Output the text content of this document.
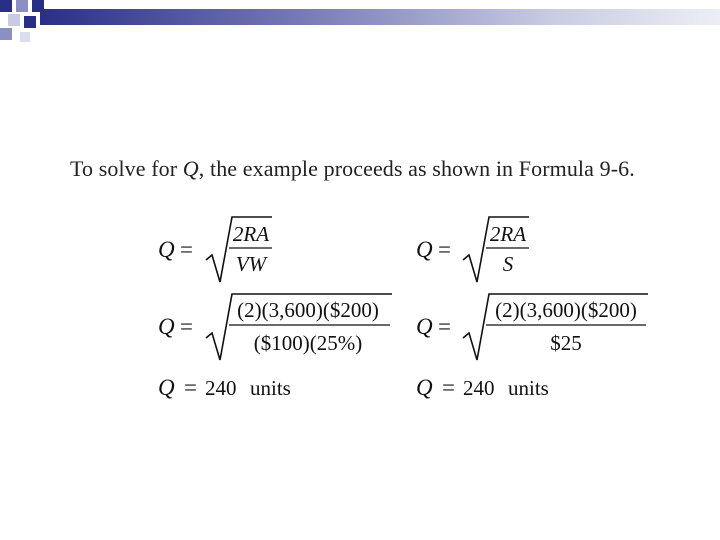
To solve for Q, the example proceeds as shown in Formula 9-6.
Q =
2RA
VW
Q =
(2)(3,600)($200)
($100)(25%)
Q = 240 units
Q =
2RA
S
Q =
(2)(3,600)($200)
$25
Q = 240 units
